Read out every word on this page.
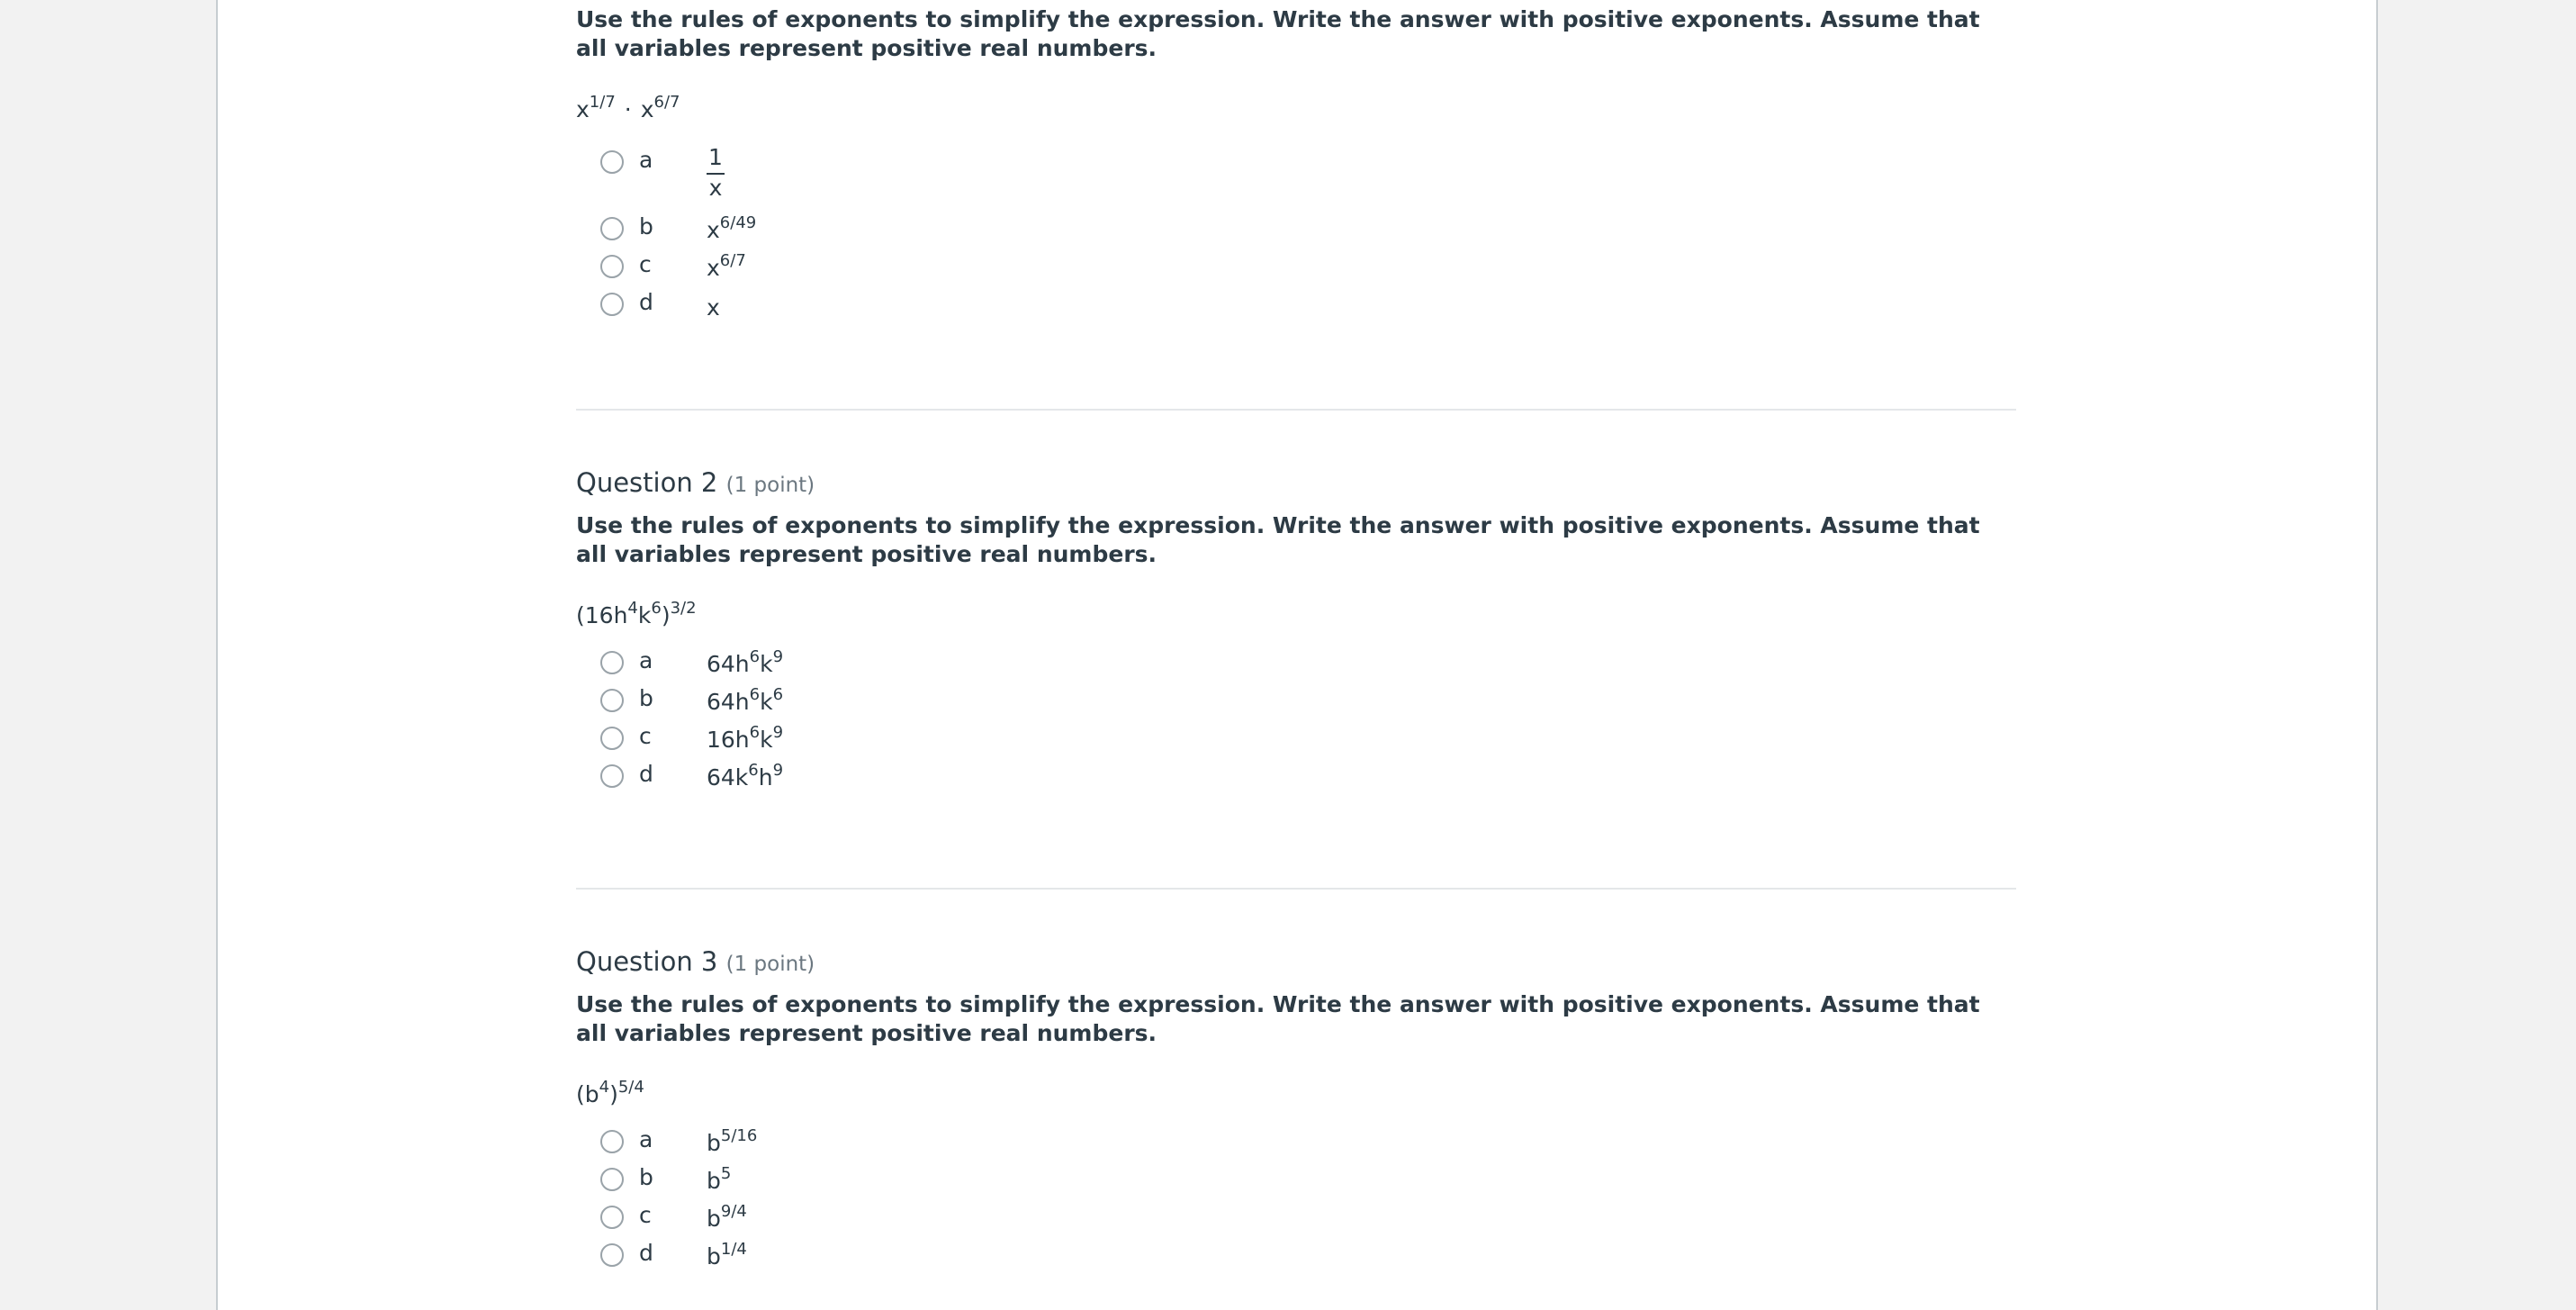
Use the rules of exponents to simplify the expression. Write the answer with positive exponents. Assume that all variables represent positive real numbers.
$x^{1/7} \cdot x^{6/7}$
a $\frac{1}{x}$
b $x^{6/49}$
c $x^{6/7}$
d x
Question 2 (1 point)
Use the rules of exponents to simplify the expression. Write the answer with positive exponents. Assume that all variables represent positive real numbers.
$(16h^4k^6)^{3/2}$
a $64h^6k^9$
b $64h^6k^6$
c $16h^6k^9$
d $64k^6h^9$
Question 3 (1 point)
Use the rules of exponents to simplify the expression. Write the answer with positive exponents. Assume that all variables represent positive real numbers.
$(b^4)^{5/4}$
a $b^{5/16}$
b $b^5$
c $b^{9/4}$
d $b^{1/4}$
